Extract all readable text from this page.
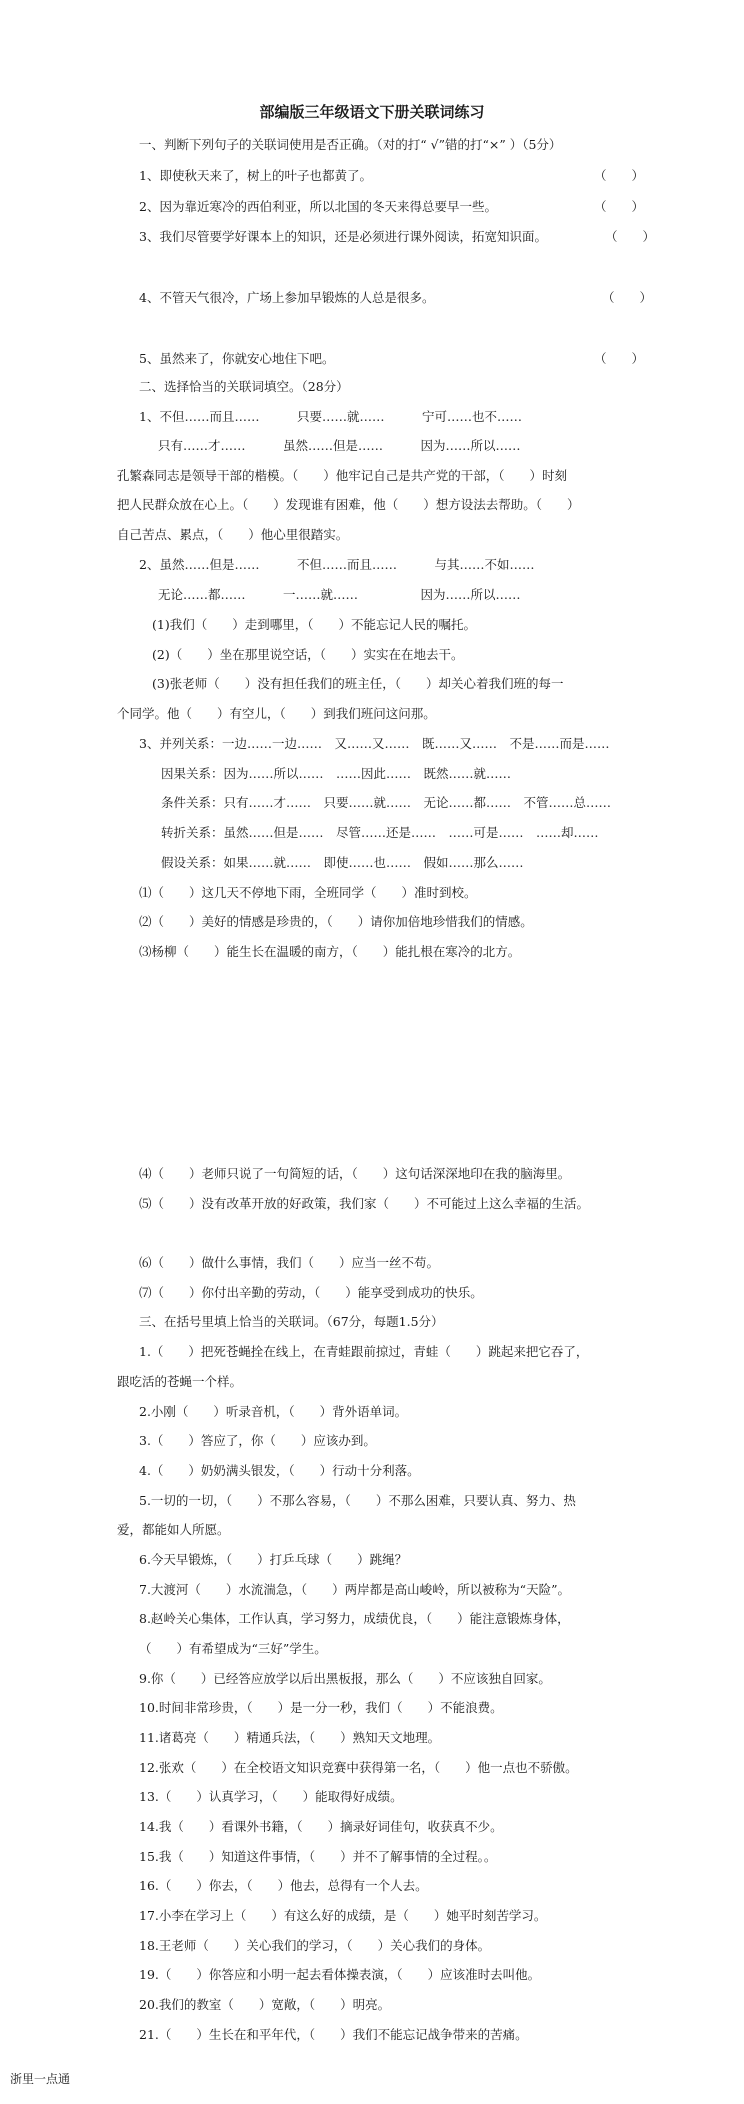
部编版三年级语文下册关联词练习
一、判断下列句子的关联词使用是否正确。（对的打“ √”错的打“×” ）（5分）
1、即使秋天来了，树上的叶子也都黄了。	（　　）
2、因为靠近寒冷的西伯利亚，所以北国的冬天来得总要早一些。	（　　）
3、我们尽管要学好课本上的知识，还是必须进行课外阅读，拓宽知识面。	（　　）
4、不管天气很冷，广场上参加早锻炼的人总是很多。	（　　）
5、虽然来了，你就安心地住下吧。	（　　）
二、选择恰当的关联词填空。（28分）
1、不但……而且……　　　只要……就……　　　宁可……也不……
只有……才……　　　虽然……但是……　　　因为……所以……
孔繁森同志是领导干部的楷模。（　　）他牢记自己是共产党的干部，（　　）时刻
把人民群众放在心上。（　　）发现谁有困难，他（　　）想方设法去帮助。（　　）
自己苦点、累点，（　　）他心里很踏实。
2、虽然……但是……　　　不但……而且……　　　与其……不如……
无论……都……　　　一……就……　　　　　因为……所以……
(1)我们（　　）走到哪里，（　　）不能忘记人民的嘱托。
(2)（　　）坐在那里说空话，（　　）实实在在地去干。
(3)张老师（　　）没有担任我们的班主任，（　　）却关心着我们班的每一
个同学。他（　　）有空儿，（　　）到我们班问这问那。
3、并列关系：一边……一边……　又……又……　既……又……　不是……而是……
因果关系：因为……所以……　……因此……　既然……就……
条件关系：只有……才……　只要……就……　无论……都……　不管……总……
转折关系：虽然……但是……　尽管……还是……　……可是……　……却……
假设关系：如果……就……　即使……也……　假如……那么……
⑴（　　）这几天不停地下雨，全班同学（　　）准时到校。
⑵（　　）美好的情感是珍贵的，（　　）请你加倍地珍惜我们的情感。
⑶杨柳（　　）能生长在温暖的南方，（　　）能扎根在寒冷的北方。
⑷（　　）老师只说了一句简短的话，（　　）这句话深深地印在我的脑海里。
⑸（　　）没有改革开放的好政策，我们家（　　）不可能过上这么幸福的生活。
⑹（　　）做什么事情，我们（　　）应当一丝不苟。
⑺（　　）你付出辛勤的劳动，（　　）能享受到成功的快乐。
三、在括号里填上恰当的关联词。（67分，每题1.5分）
1.（　　）把死苍蝇拴在线上，在青蛙跟前掠过，青蛙（　　）跳起来把它吞了，
跟吃活的苍蝇一个样。
2.小刚（　　）听录音机，（　　）背外语单词。
3.（　　）答应了，你（　　）应该办到。
4.（　　）奶奶满头银发，（　　）行动十分利落。
5.一切的一切，（　　）不那么容易，（　　）不那么困难，只要认真、努力、热
爱，都能如人所愿。
6.今天早锻炼，（　　）打乒乓球（　　）跳绳？
7.大渡河（　　）水流湍急，（　　）两岸都是高山峻岭，所以被称为“天险”。
8.赵岭关心集体，工作认真，学习努力，成绩优良，（　　）能注意锻炼身体，
（　　）有希望成为“三好”学生。
9.你（　　）已经答应放学以后出黑板报，那么（　　）不应该独自回家。
10.时间非常珍贵，（　　）是一分一秒，我们（　　）不能浪费。
11.诸葛亮（　　）精通兵法，（　　）熟知天文地理。
12.张欢（　　）在全校语文知识竞赛中获得第一名，（　　）他一点也不骄傲。
13.（　　）认真学习，（　　）能取得好成绩。
14.我（　　）看课外书籍，（　　）摘录好词佳句，收获真不少。
15.我（　　）知道这件事情，（　　）并不了解事情的全过程。。
16.（　　）你去，（　　）他去，总得有一个人去。
17.小李在学习上（　　）有这么好的成绩，是（　　）她平时刻苦学习。
18.王老师（　　）关心我们的学习，（　　）关心我们的身体。
19.（　　）你答应和小明一起去看体操表演，（　　）应该准时去叫他。
20.我们的教室（　　）宽敞，（　　）明亮。
21.（　　）生长在和平年代，（　　）我们不能忘记战争带来的苦痛。
浙里一点通
